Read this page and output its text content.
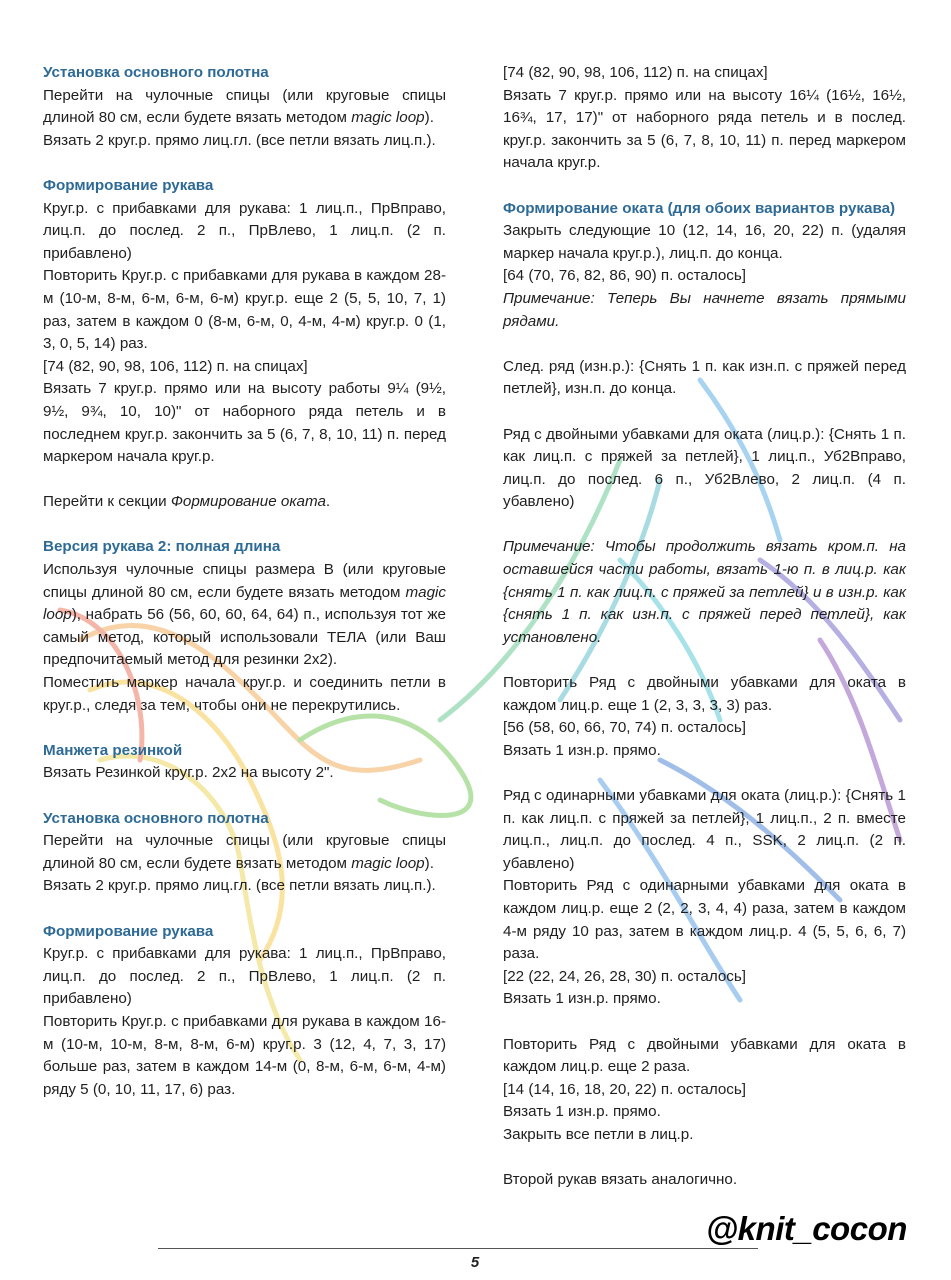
Установка основного полотна

Перейти на чулочные спицы (или круговые спицы длиной 80 см, если будете вязать методом magic loop).

Вязать 2 круг.р. прямо лиц.гл. (все петли вязать лиц.п.).

Формирование рукава

Круг.р. с прибавками для рукава: 1 лиц.п., ПрВправо, лиц.п. до послед. 2 п., ПрВлево, 1 лиц.п. (2 п. прибавлено)

Повторить Круг.р. с прибавками для рукава в каждом 28-м (10-м, 8-м, 6-м, 6-м, 6-м) круг.р. еще 2 (5, 5, 10, 7, 1) раз, затем в каждом 0 (8-м, 6-м, 0, 4-м, 4-м) круг.р. 0 (1, 3, 0, 5, 14) раз.

[74 (82, 90, 98, 106, 112) п. на спицах]

Вязать 7 круг.р. прямо или на высоту работы 9¼ (9½, 9½, 9¾, 10, 10)" от наборного ряда петель и в последнем круг.р. закончить за 5 (6, 7, 8, 10, 11) п. перед маркером начала круг.р.

Перейти к секции Формирование оката.

Версия рукава 2: полная длина

Используя чулочные спицы размера B (или круговые спицы длиной 80 см, если будете вязать методом magic loop), набрать 56 (56, 60, 60, 64, 64) п., используя тот же самый метод, который использовали ТЕЛА (или Ваш предпочитаемый метод для резинки 2x2).

Поместить маркер начала круг.р. и соединить петли в круг.р., следя за тем, чтобы они не перекрутились.

Манжета резинкой

Вязать Резинкой круг.р. 2x2 на высоту 2".

Установка основного полотна

Перейти на чулочные спицы (или круговые спицы длиной 80 см, если будете вязать методом magic loop).

Вязать 2 круг.р. прямо лиц.гл. (все петли вязать лиц.п.).

Формирование рукава

Круг.р. с прибавками для рукава: 1 лиц.п., ПрВправо, лиц.п. до послед. 2 п., ПрВлево, 1 лиц.п. (2 п. прибавлено)

Повторить Круг.р. с прибавками для рукава в каждом 16-м (10-м, 10-м, 8-м, 8-м, 6-м) круг.р. 3 (12, 4, 7, 3, 17) больше раз, затем в каждом 14-м (0, 8-м, 6-м, 6-м, 4-м) ряду 5 (0, 10, 11, 17, 6) раз.

[74 (82, 90, 98, 106, 112) п. на спицах]

Вязать 7 круг.р. прямо или на высоту 16¼ (16½, 16½, 16¾, 17, 17)" от наборного ряда петель и в послед. круг.р. закончить за 5 (6, 7, 8, 10, 11) п. перед маркером начала круг.р.

Формирование оката (для обоих вариантов рукава)

Закрыть следующие 10 (12, 14, 16, 20, 22) п. (удаляя маркер начала круг.р.), лиц.п. до конца.

[64 (70, 76, 82, 86, 90) п. осталось]

Примечание: Теперь Вы начнете вязать прямыми рядами.

След. ряд (изн.р.): {Снять 1 п. как изн.п. с пряжей перед петлей}, изн.п. до конца.

Ряд с двойными убавками для оката (лиц.р.): {Снять 1 п. как лиц.п. с пряжей за петлей}, 1 лиц.п., Уб2Вправо, лиц.п. до послед. 6 п., Уб2Влево, 2 лиц.п. (4 п. убавлено)

Примечание: Чтобы продолжить вязать кром.п. на оставшейся части работы, вязать 1-ю п. в лиц.р. как {снять 1 п. как лиц.п. с пряжей за петлей} и в изн.р. как {снять 1 п. как изн.п. с пряжей перед петлей}, как установлено.

Повторить Ряд с двойными убавками для оката в каждом лиц.р. еще 1 (2, 3, 3, 3, 3) раз.

[56 (58, 60, 66, 70, 74) п. осталось]

Вязать 1 изн.р. прямо.

Ряд с одинарными убавками для оката (лиц.р.): {Снять 1 п. как лиц.п. с пряжей за петлей}, 1 лиц.п., 2 п. вместе лиц.п., лиц.п. до послед. 4 п., SSK, 2 лиц.п. (2 п. убавлено)

Повторить Ряд с одинарными убавками для оката в каждом лиц.р. еще 2 (2, 2, 3, 4, 4) раза, затем в каждом 4-м ряду 10 раз, затем в каждом лиц.р. 4 (5, 5, 6, 6, 7) раза.

[22 (22, 24, 26, 28, 30) п. осталось]

Вязать 1 изн.р. прямо.

Повторить Ряд с двойными убавками для оката в каждом лиц.р. еще 2 раза.

[14 (14, 16, 18, 20, 22) п. осталось]

Вязать 1 изн.р. прямо.

Закрыть все петли в лиц.р.

Второй рукав вязать аналогично.

5
@knit_cocon
